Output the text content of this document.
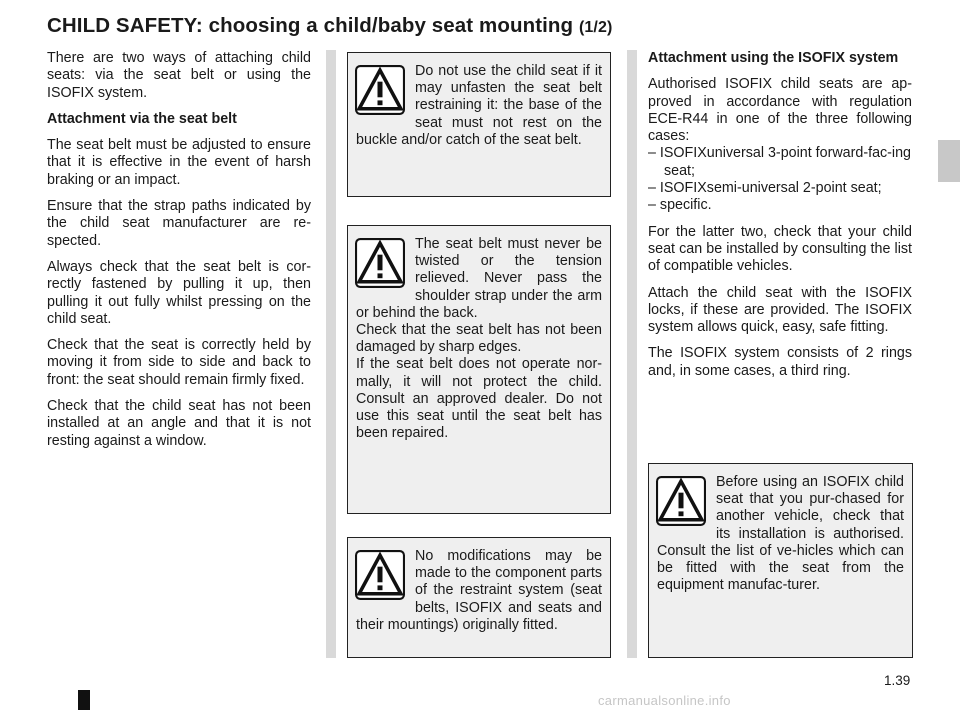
CHILD SAFETY: choosing a child/baby seat mounting (1/2)

There are two ways of attaching child seats: via the seat belt or using the ISOFIX system.

Attachment via the seat belt

The seat belt must be adjusted to ensure that it is effective in the event of harsh braking or an impact.

Ensure that the strap paths indicated by the child seat manufacturer are re-spected.

Always check that the seat belt is cor-rectly fastened by pulling it up, then pulling it out fully whilst pressing on the child seat.

Check that the seat is correctly held by moving it from side to side and back to front: the seat should remain firmly fixed.

Check that the child seat has not been installed at an angle and that it is not resting against a window.

Do not use the child seat if it may unfasten the seat belt restraining it: the base of the seat must not rest on the buckle and/or catch of the seat belt.

The seat belt must never be twisted or the tension relieved. Never pass the shoulder strap under the arm or behind the back.

Check that the seat belt has not been damaged by sharp edges.

If the seat belt does not operate nor-mally, it will not protect the child. Consult an approved dealer. Do not use this seat until the seat belt has been repaired.

No modifications may be made to the component parts of the restraint system (seat belts, ISOFIX and seats and their mountings) originally fitted.

Attachment using the ISOFIX system

Authorised ISOFIX child seats are ap-proved in accordance with regulation ECE-R44 in one of the three following cases:

– ISOFIXuniversal 3-point forward-fac-ing seat;
– ISOFIXsemi-universal 2-point seat;
– specific.

For the latter two, check that your child seat can be installed by consulting the list of compatible vehicles.

Attach the child seat with the ISOFIX locks, if these are provided. The ISOFIX system allows quick, easy, safe fitting.

The ISOFIX system consists of 2 rings and, in some cases, a third ring.

Before using an ISOFIX child seat that you pur-chased for another vehicle, check that its installation is authorised. Consult the list of ve-hicles which can be fitted with the seat from the equipment manufac-turer.

1.39
carmanualsonline.info
